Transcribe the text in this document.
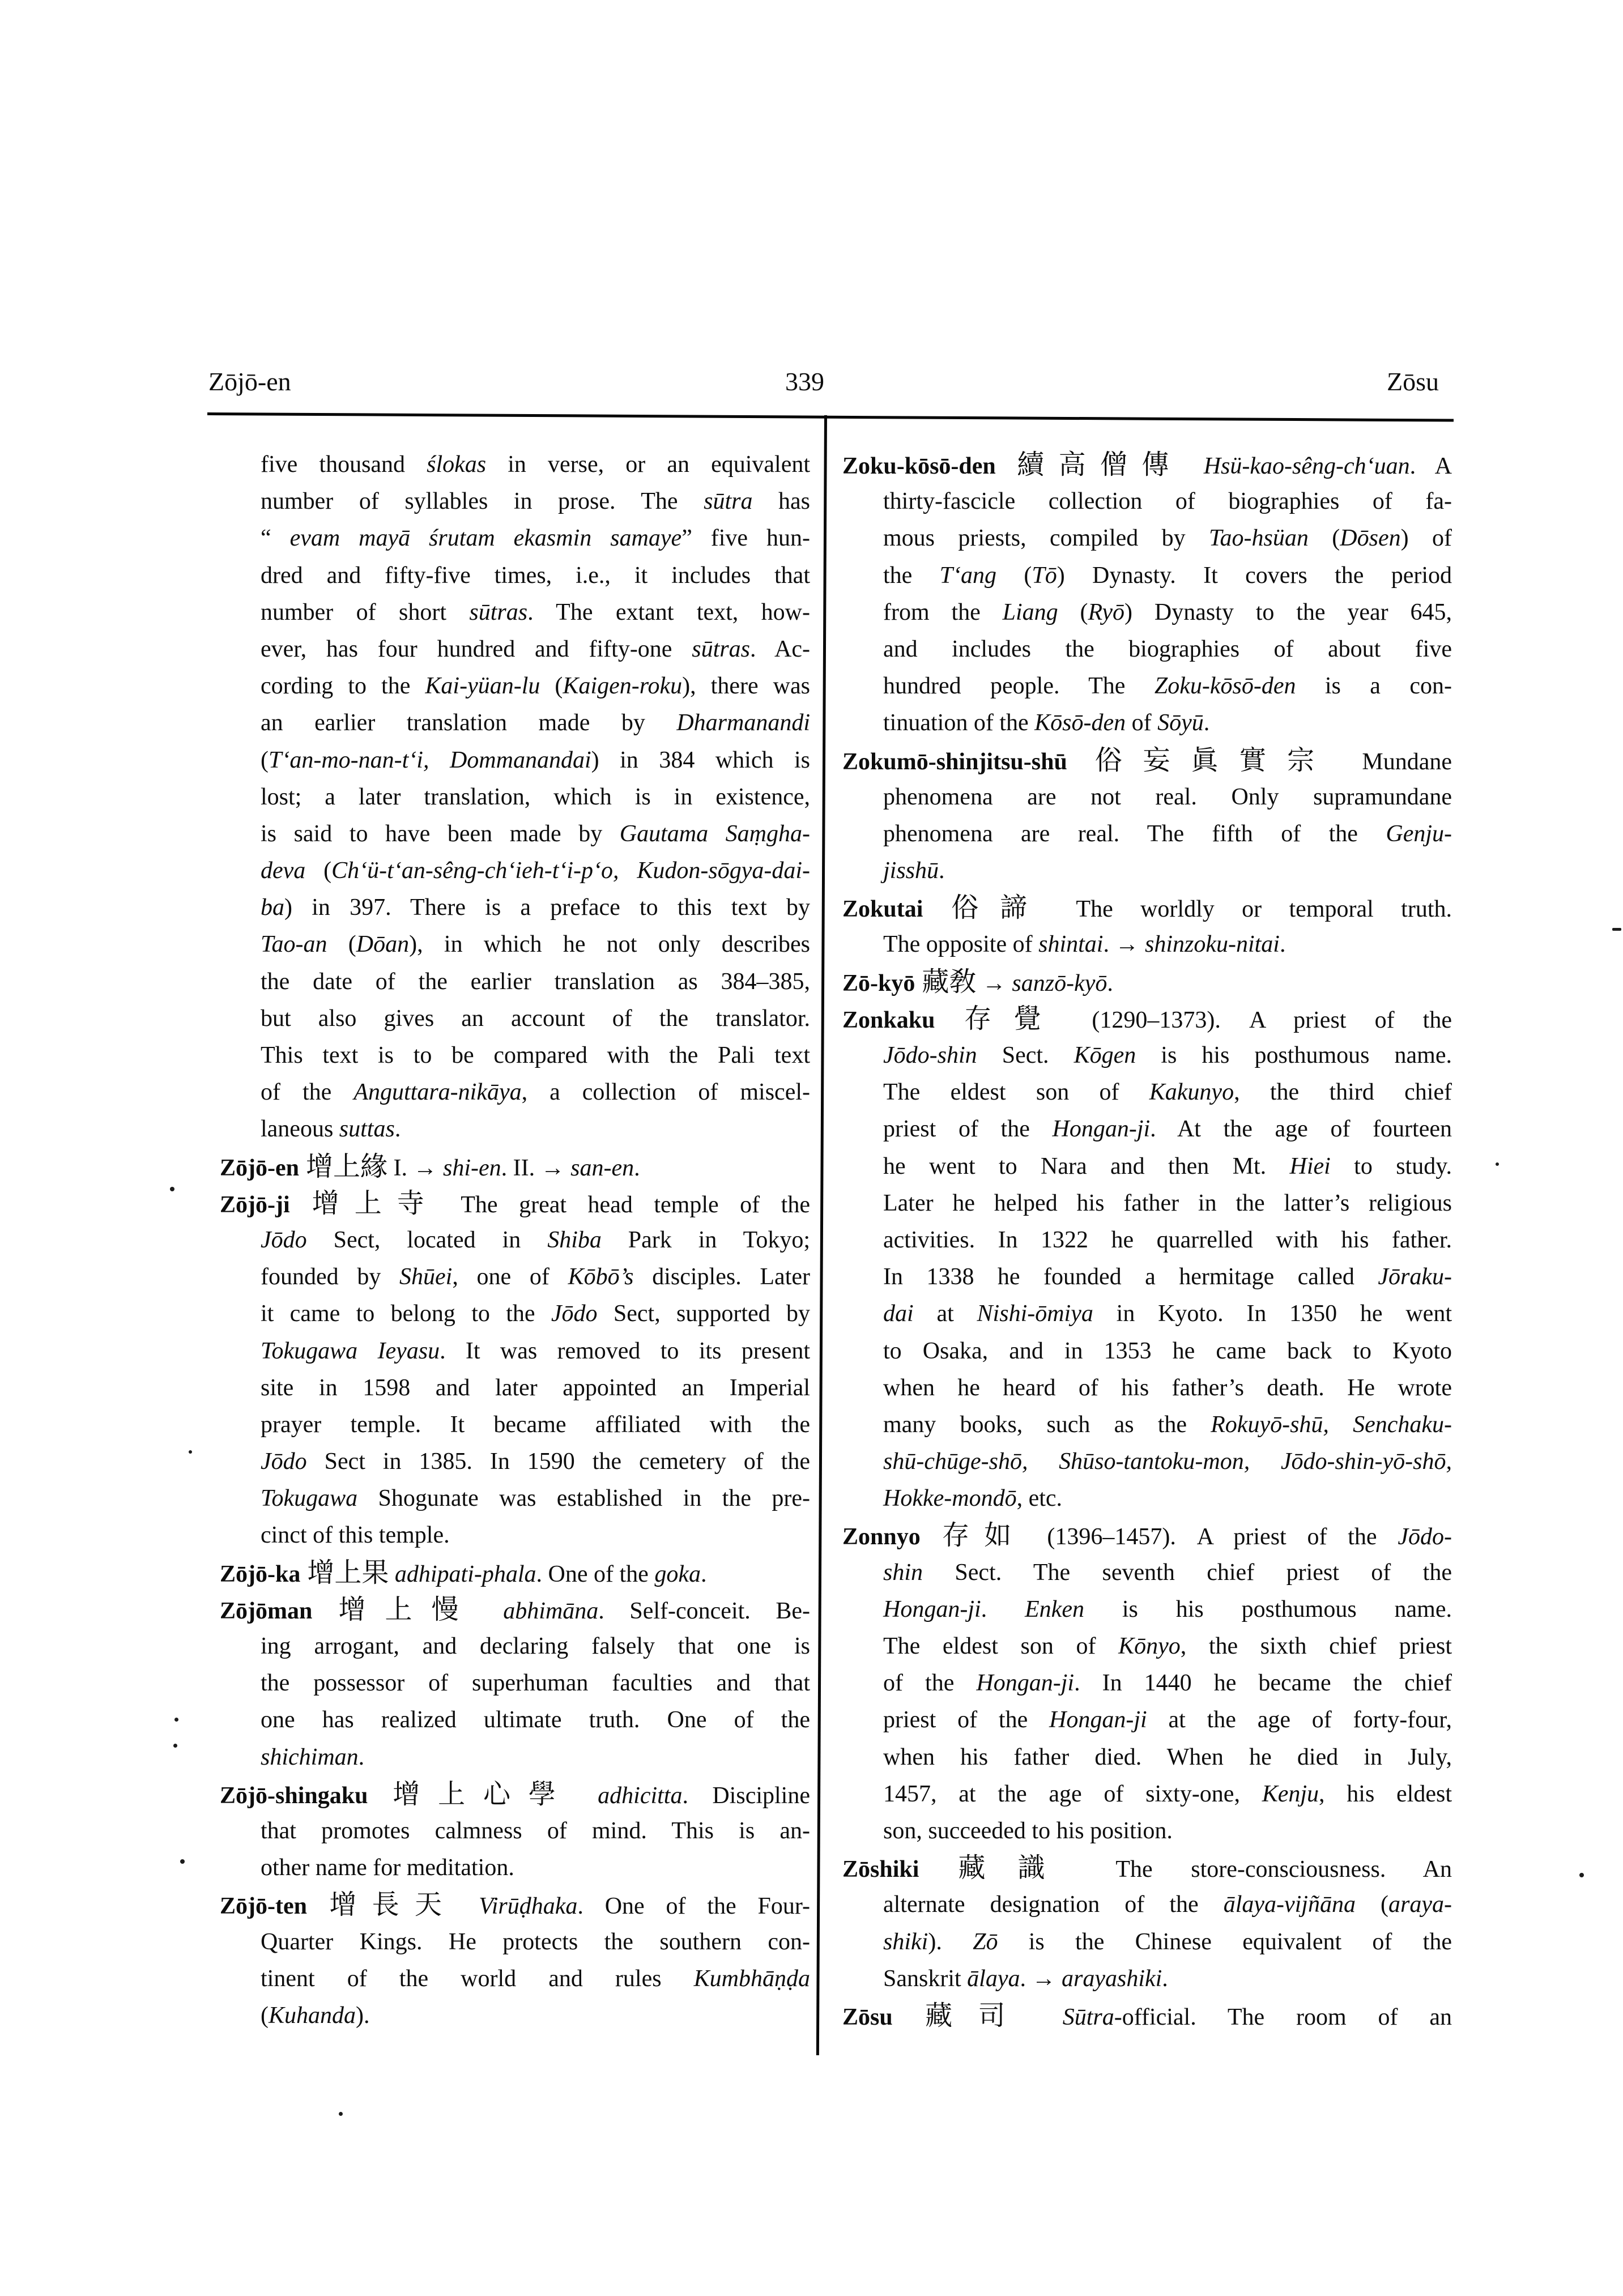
Zōjō-en	339	Zōsu
five thousand ślokas in verse, or an equivalent
number of syllables in prose. The sūtra has
“ evam mayā śrutam ekasmin samaye” five hun-
dred and fifty-five times, i.e., it includes that
number of short sūtras. The extant text, how-
ever, has four hundred and fifty-one sūtras. Ac-
cording to the Kai-yüan-lu (Kaigen-roku), there was
an earlier translation made by Dharmanandi
(T‘an-mo-nan-t‘i, Dommanandai) in 384 which is
lost; a later translation, which is in existence,
is said to have been made by Gautama Saṃgha-
deva (Ch‘ü-t‘an-sêng-ch‘ieh-t‘i-p‘o, Kudon-sōgya-dai-
ba) in 397. There is a preface to this text by
Tao-an (Dōan), in which he not only describes
the date of the earlier translation as 384–385,
but also gives an account of the translator.
This text is to be compared with the Pali text
of the Anguttara-nikāya, a collection of miscel-
laneous suttas.
Zōjō-en 增上緣 I. → shi-en. II. → san-en.
Zōjō-ji 增上寺 The great head temple of the
Jōdo Sect, located in Shiba Park in Tokyo;
founded by Shūei, one of Kōbō’s disciples. Later
it came to belong to the Jōdo Sect, supported by
Tokugawa Ieyasu. It was removed to its present
site in 1598 and later appointed an Imperial
prayer temple. It became affiliated with the
Jōdo Sect in 1385. In 1590 the cemetery of the
Tokugawa Shogunate was established in the pre-
cinct of this temple.
Zōjō-ka 增上果 adhipati-phala. One of the goka.
Zōjōman 增上慢 abhimāna. Self-conceit. Be-
ing arrogant, and declaring falsely that one is
the possessor of superhuman faculties and that
one has realized ultimate truth. One of the
shichiman.
Zōjō-shingaku 增上心學 adhicitta. Discipline
that promotes calmness of mind. This is an-
other name for meditation.
Zōjō-ten 增長天 Virūḍhaka. One of the Four-
Quarter Kings. He protects the southern con-
tinent of the world and rules Kumbhāṇḍa
(Kuhanda).
Zoku-kōsō-den 續高僧傳 Hsü-kao-sêng-ch‘uan. A
thirty-fascicle collection of biographies of fa-
mous priests, compiled by Tao-hsüan (Dōsen) of
the T‘ang (Tō) Dynasty. It covers the period
from the Liang (Ryō) Dynasty to the year 645,
and includes the biographies of about five
hundred people. The Zoku-kōsō-den is a con-
tinuation of the Kōsō-den of Sōyū.
Zokumō-shinjitsu-shū 俗妄眞實宗 Mundane
phenomena are not real. Only supramundane
phenomena are real. The fifth of the Genju-
jisshū.
Zokutai 俗諦 The worldly or temporal truth.
The opposite of shintai. → shinzoku-nitai.
Zō-kyō 藏敎 → sanzō-kyō.
Zonkaku 存覺 (1290–1373). A priest of the
Jōdo-shin Sect. Kōgen is his posthumous name.
The eldest son of Kakunyo, the third chief
priest of the Hongan-ji. At the age of fourteen
he went to Nara and then Mt. Hiei to study.
Later he helped his father in the latter’s religious
activities. In 1322 he quarrelled with his father.
In 1338 he founded a hermitage called Jōraku-
dai at Nishi-ōmiya in Kyoto. In 1350 he went
to Osaka, and in 1353 he came back to Kyoto
when he heard of his father’s death. He wrote
many books, such as the Rokuyō-shū, Senchaku-
shū-chūge-shō, Shūso-tantoku-mon, Jōdo-shin-yō-shō,
Hokke-mondō, etc.
Zonnyo 存如 (1396–1457). A priest of the Jōdo-
shin Sect. The seventh chief priest of the
Hongan-ji. Enken is his posthumous name.
The eldest son of Kōnyo, the sixth chief priest
of the Hongan-ji. In 1440 he became the chief
priest of the Hongan-ji at the age of forty-four,
when his father died. When he died in July,
1457, at the age of sixty-one, Kenju, his eldest
son, succeeded to his position.
Zōshiki 藏識 The store-consciousness. An
alternate designation of the ālaya-vijñāna (araya-
shiki). Zō is the Chinese equivalent of the
Sanskrit ālaya. → arayashiki.
Zōsu 藏司 Sūtra-official. The room of an
